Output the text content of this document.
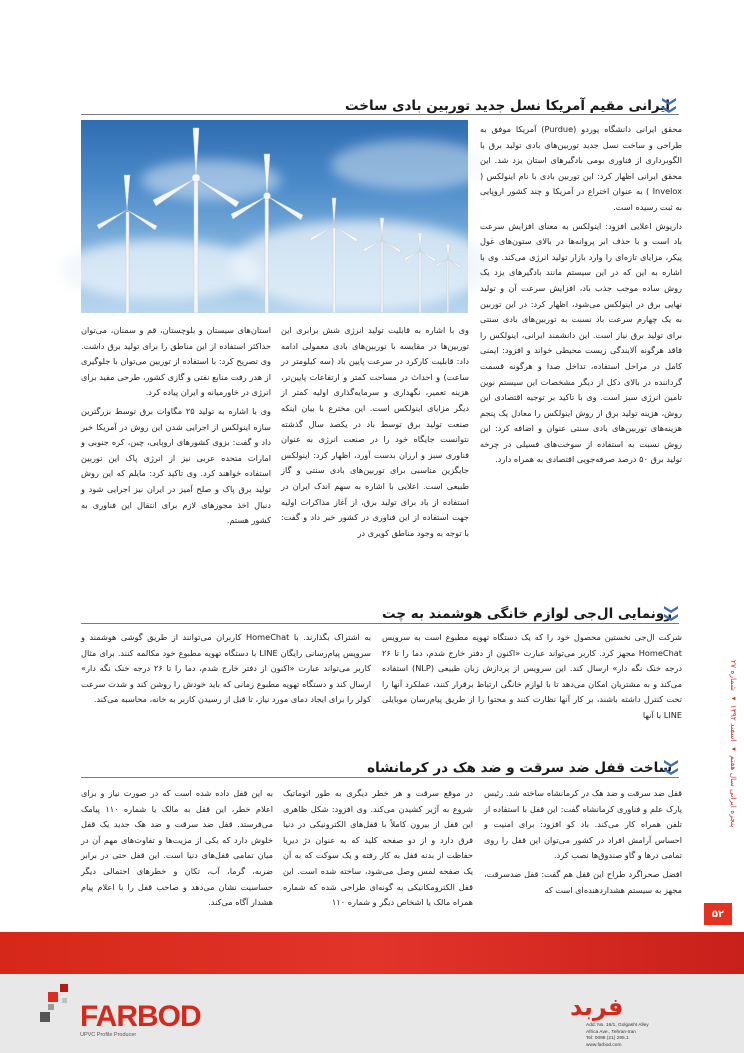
ایرانی مقیم آمریکا نسل جدید توربین بادی ساخت

محقق ایرانی دانشگاه پوردو (Purdue) آمریکا موفق به طراحی و ساخت نسل جدید توربین‌های بادی تولید برق با الگوبرداری از فناوری بومی بادگیرهای استان یزد شد. این محقق ایرانی اظهار کرد: این توربین بادی با نام اینولکس ( Invelox ) به عنوان اختراع در آمریکا و چند کشور اروپایی به ثبت رسیده است.

داریوش اعلایی افزود: اینولکس به معنای افزایش سرعت باد است و با حذف ابر پروانه‌ها در بالای ستون‌های غول پیکر، مزایای تازه‌ای را وارد بازار تولید انرژی می‌کند. وی با اشاره به این که در این سیستم مانند بادگیرهای یزد یک روش ساده موجب جذب باد، افزایش سرعت آن و تولید نهایی برق در اینولکس می‌شود، اظهار کرد: در این توربین به یک چهارم سرعت باد نسبت به توربین‌های بادی سنتی برای تولید برق نیاز است. این دانشمند ایرانی، اینولکس را فاقد هرگونه آلایندگی زیست محیطی خواند و افزود: ایمنی کامل در مراحل استفاده، تداخل صدا و هرگونه قسمت گرداننده در بالای دکل از دیگر مشخصات این سیستم نوین تامین انرژی سبز است. وی با تاکید بر توجیه اقتصادی این روش، هزینه تولید برق از روش اینولکس را معادل یک پنجم هزینه‌های توربین‌های بادی سنتی عنوان و اضافه کرد: این روش نسبت به استفاده از سوخت‌های فسیلی در چرخه تولید برق ۵۰ درصد صرفه‌جویی اقتصادی به همراه دارد.

وی با اشاره به قابلیت تولید انرژی شش برابری این توربین‌ها در مقایسه با توربین‌های بادی معمولی ادامه داد: قابلیت کارکرد در سرعت پایین باد (سه کیلومتر در ساعت) و احداث در مساحت کمتر و ارتفاعات پایین‌تر، هزینه تعمیر، نگهداری و سرمایه‌گذاری اولیه کمتر از دیگر مزایای اینولکس است. این مخترع با بیان اینکه صنعت تولید برق توسط باد در یکصد سال گذشته نتوانست جایگاه خود را در صنعت انرژی به عنوان فناوری سبز و ارزان بدست آورد، اظهار کرد: اینولکس جایگزین مناسبی برای توربین‌های بادی سنتی و گاز طبیعی است. اعلایی با اشاره به سهم اندک ایران در استفاده از باد برای تولید برق، از آغاز مذاکرات اولیه جهت استفاده از این فناوری در کشور خبر داد و گفت: با توجه به وجود مناطق کویری در

استان‌های سیستان و بلوچستان، قم و سمنان، می‌توان حداکثر استفاده از این مناطق را برای تولید برق داشت. وی تصریح کرد: با استفاده از توربین می‌توان با جلوگیری از هدر رفت منابع نفتی و گازی کشور، طرحی مفید برای انرژی در خاورمیانه و ایران پیاده کرد.

وی با اشاره به تولید ۲۵ مگاوات برق توسط بزرگترین سازه اینولکس از اجرایی شدن این روش در آمریکا خبر داد و گفت: بزوی کشورهای اروپایی، چین، کره جنوبی و امارات متحده عربی نیز از انرژی پاک این توربین استفاده خواهند کرد. وی تاکید کرد: مایلم که این روش تولید برق پاک و صلح آمیز در ایران نیز اجرایی شود و دنبال اخذ مجوزهای لازم برای انتقال این فناوری به کشور هستم.

رونمایی ال‌جی لوازم خانگی هوشمند به چت

شرکت ال‌جی نخستین محصول خود را که یک دستگاه تهویه مطبوع است به سرویس HomeChat مجهز کرد. کاربر می‌تواند عبارت «اکنون از دفتر خارج شدم، دما را تا ۲۶ درجه خنک نگه دار» ارسال کند. این سرویس از پردازش زبان طبیعی (NLP) استفاده می‌کند و به مشتریان امکان می‌دهد تا با لوازم خانگی ارتباط برقرار کنند، عملکرد آنها را تحت کنترل داشته باشند، بر کار آنها نظارت کنند و محتوا را از طریق پیام‌رسان موبایلی LINE با آنها

به اشتراک بگذارند. با HomeChat کاربران می‌توانند از طریق گوشی هوشمند و سرویس پیام‌رسانی رایگان LINE با دستگاه تهویه مطبوع خود مکالمه کنند. برای مثال کاربر می‌تواند عبارت «اکنون از دفتر خارج شدم، دما را تا ۲۶ درجه خنک نگه دار» ارسال کند و دستگاه تهویه مطبوع زمانی که باید خودش را روشن کند و شدت سرعت کولر را برای ایجاد دمای مورد نیاز، تا قبل از رسیدن کاربر به خانه، محاسبه می‌کند.

ساخت قفل ضد سرقت و ضد هک در کرمانشاه

قفل ضد سرقت و ضد هک در کرمانشاه ساخته شد. رئیس پارک علم و فناوری کرمانشاه گفت: این قفل با استفاده از تلفن همراه کار می‌کند. باد کو افزود: برای امنیت و احساس آرامش افراد در کشور می‌توان این قفل را روی تمامی درها و گاو صندوق‌ها نصب کرد.

افضل صحرا‌گرد طراح این قفل هم گفت: قفل ضدسرقت، مجهز به سیستم هشداردهنده‌ای است که

در موقع سرقت و هر خطر دیگری به طور اتوماتیک شروع به آژیر کشیدن می‌کند. وی افزود: شکل ظاهری این قفل از بیرون کاملاً با قفل‌های الکترونیکی در دنیا فرق دارد و از دو صفحه کلید که به عنوان دژ دیریا حفاظت از بدنه قفل به کار رفته و یک سوکت که به آن یک صفحه لمس وصل می‌شود، ساخته شده است. این قفل الکترومکانیکی به گونه‌ای طراحی شده که شماره همراه مالک یا اشخاص دیگر و شماره ۱۱۰

به این قفل داده شده است که در صورت نیاز و برای اعلام خطر، این قفل به مالک یا شماره ۱۱۰ پیامک می‌فرستد. قفل ضد سرقت و ضد هک جدید یک قفل خلوش دارد که یکی از مزیت‌ها و تفاوت‌های مهم آن در میان تمامی قفل‌های دنیا است. این قفل حتی در برابر ضربه، گرما، آب، تکان و خطرهای احتمالی دیگر حساسیت نشان می‌دهد و صاحب قفل را با اعلام پیام هشدار آگاه می‌کند.

پنجره ایرانی سال هفتم ◂ اسفند ۱۳۹۲ ◂ شماره ۲۷
۵۲
FARBOD
UPVC Profile Producer
فربد
Add: No. 16/1, Golgasht Alley
Africa Ave., Tehran-Iran
Tel: 0098 (21) 295.1
www.farbod.com
